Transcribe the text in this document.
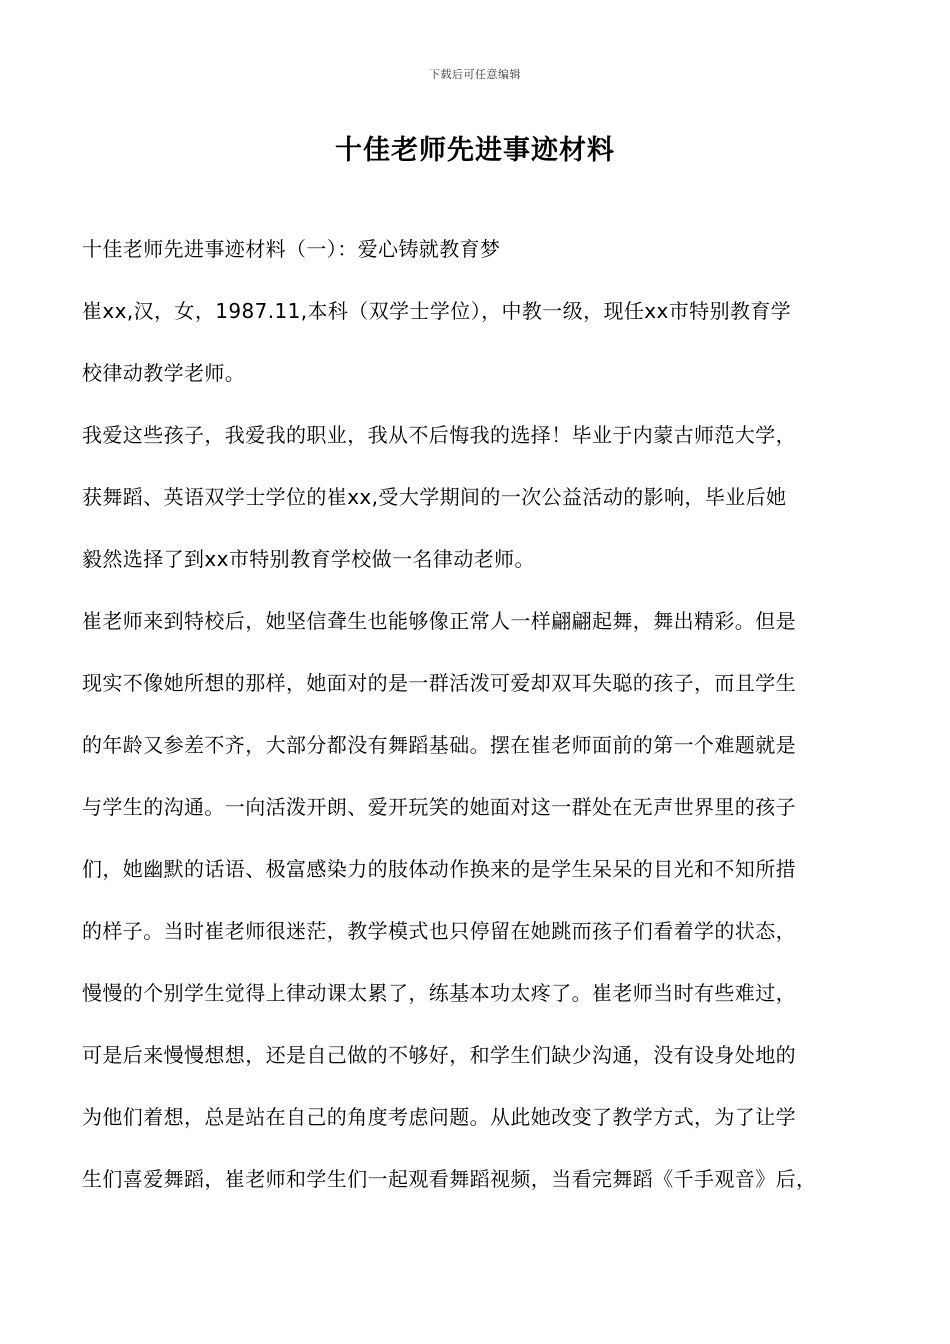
下载后可任意编辑
十佳老师先进事迹材料

十佳老师先进事迹材料（一）：爱心铸就教育梦

崔xx,汉，女，1987.11,本科（双学士学位），中教一级，现任xx市特别教育学
校律动教学老师。

我爱这些孩子，我爱我的职业，我从不后悔我的选择！毕业于内蒙古师范大学，
获舞蹈、英语双学士学位的崔xx,受大学期间的一次公益活动的影响，毕业后她
毅然选择了到xx市特别教育学校做一名律动老师。

崔老师来到特校后，她坚信聋生也能够像正常人一样翩翩起舞，舞出精彩。但是
现实不像她所想的那样，她面对的是一群活泼可爱却双耳失聪的孩子，而且学生
的年龄又参差不齐，大部分都没有舞蹈基础。摆在崔老师面前的第一个难题就是
与学生的沟通。一向活泼开朗、爱开玩笑的她面对这一群处在无声世界里的孩子
们，她幽默的话语、极富感染力的肢体动作换来的是学生呆呆的目光和不知所措
的样子。当时崔老师很迷茫，教学模式也只停留在她跳而孩子们看着学的状态，
慢慢的个别学生觉得上律动课太累了，练基本功太疼了。崔老师当时有些难过，
可是后来慢慢想想，还是自己做的不够好，和学生们缺少沟通，没有设身处地的
为他们着想，总是站在自己的角度考虑问题。从此她改变了教学方式，为了让学
生们喜爱舞蹈，崔老师和学生们一起观看舞蹈视频，当看完舞蹈《千手观音》后，
